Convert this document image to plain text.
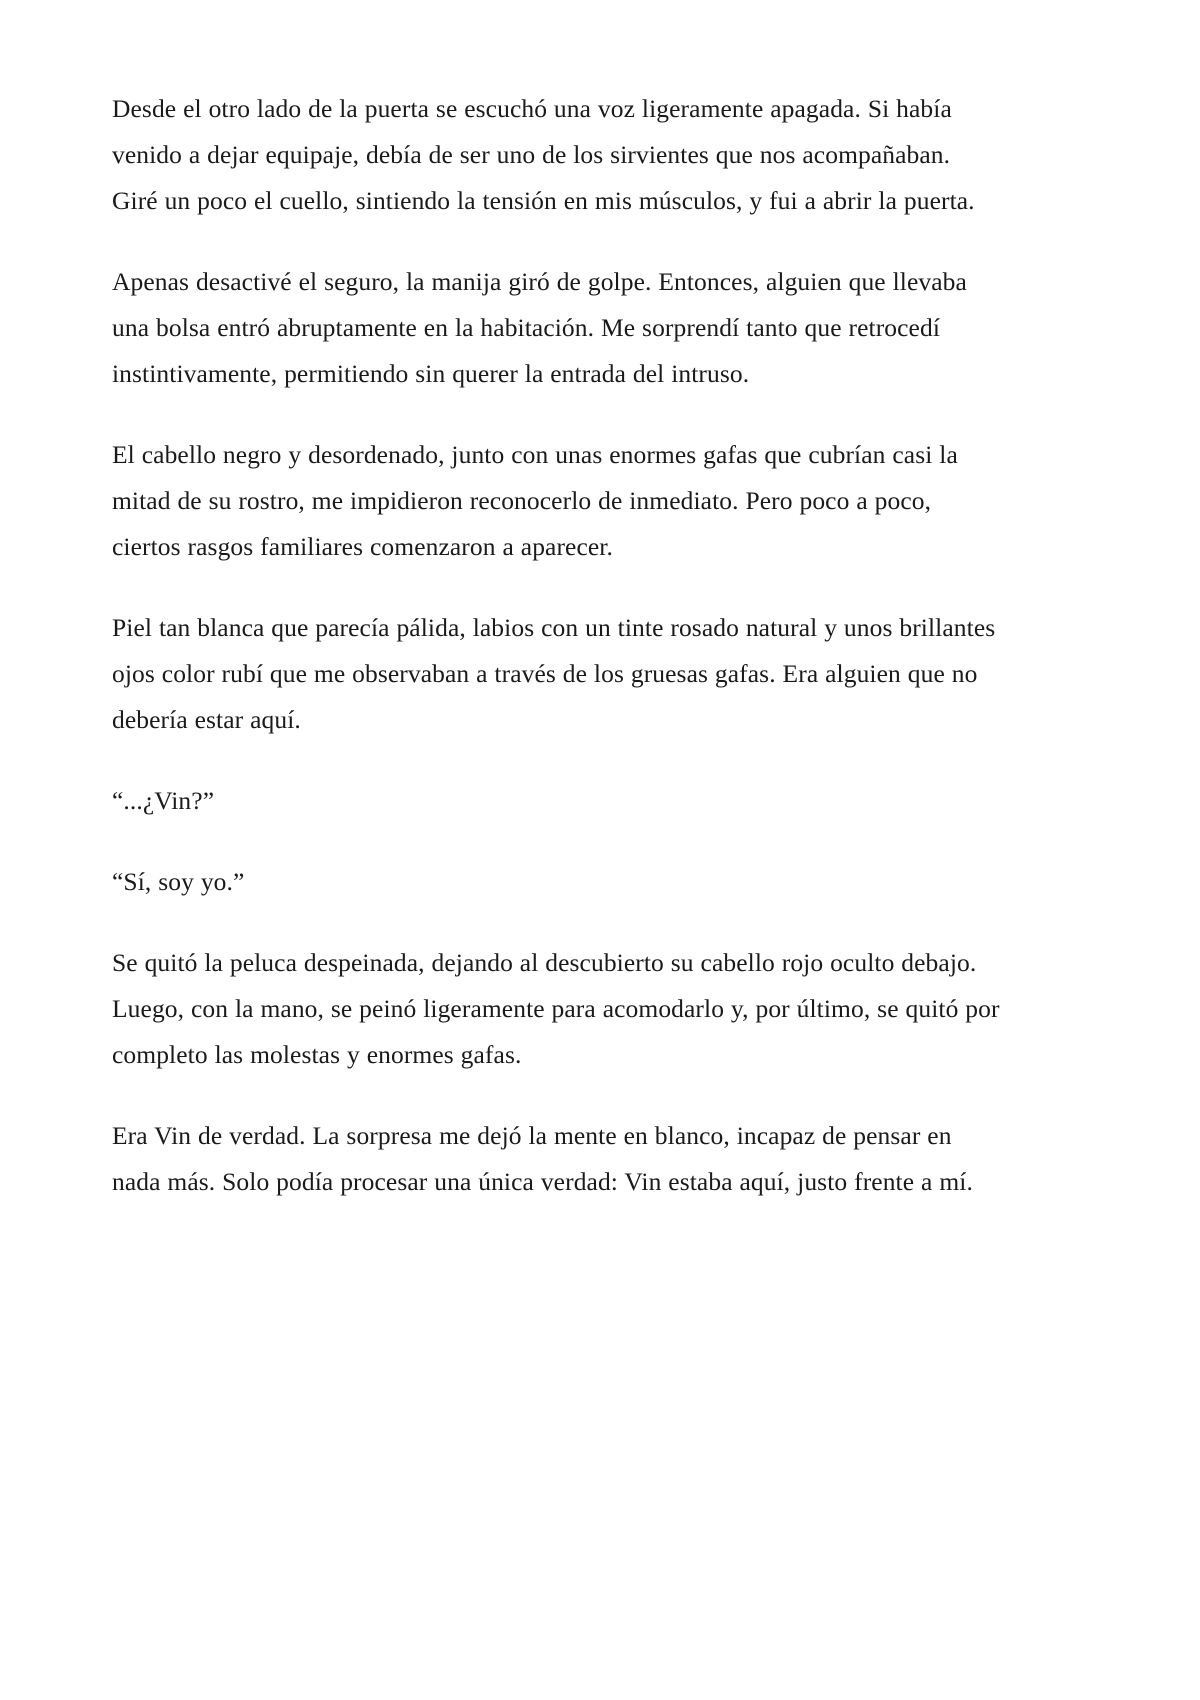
Desde el otro lado de la puerta se escuchó una voz ligeramente apagada. Si había venido a dejar equipaje, debía de ser uno de los sirvientes que nos acompañaban. Giré un poco el cuello, sintiendo la tensión en mis músculos, y fui a abrir la puerta.

Apenas desactivé el seguro, la manija giró de golpe. Entonces, alguien que llevaba una bolsa entró abruptamente en la habitación. Me sorprendí tanto que retrocedí instintivamente, permitiendo sin querer la entrada del intruso.

El cabello negro y desordenado, junto con unas enormes gafas que cubrían casi la mitad de su rostro, me impidieron reconocerlo de inmediato. Pero poco a poco, ciertos rasgos familiares comenzaron a aparecer.

Piel tan blanca que parecía pálida, labios con un tinte rosado natural y unos brillantes ojos color rubí que me observaban a través de los gruesas gafas. Era alguien que no debería estar aquí.

“...¿Vin?”

“Sí, soy yo.”

Se quitó la peluca despeinada, dejando al descubierto su cabello rojo oculto debajo. Luego, con la mano, se peinó ligeramente para acomodarlo y, por último, se quitó por completo las molestas y enormes gafas.

Era Vin de verdad. La sorpresa me dejó la mente en blanco, incapaz de pensar en nada más. Solo podía procesar una única verdad: Vin estaba aquí, justo frente a mí.
